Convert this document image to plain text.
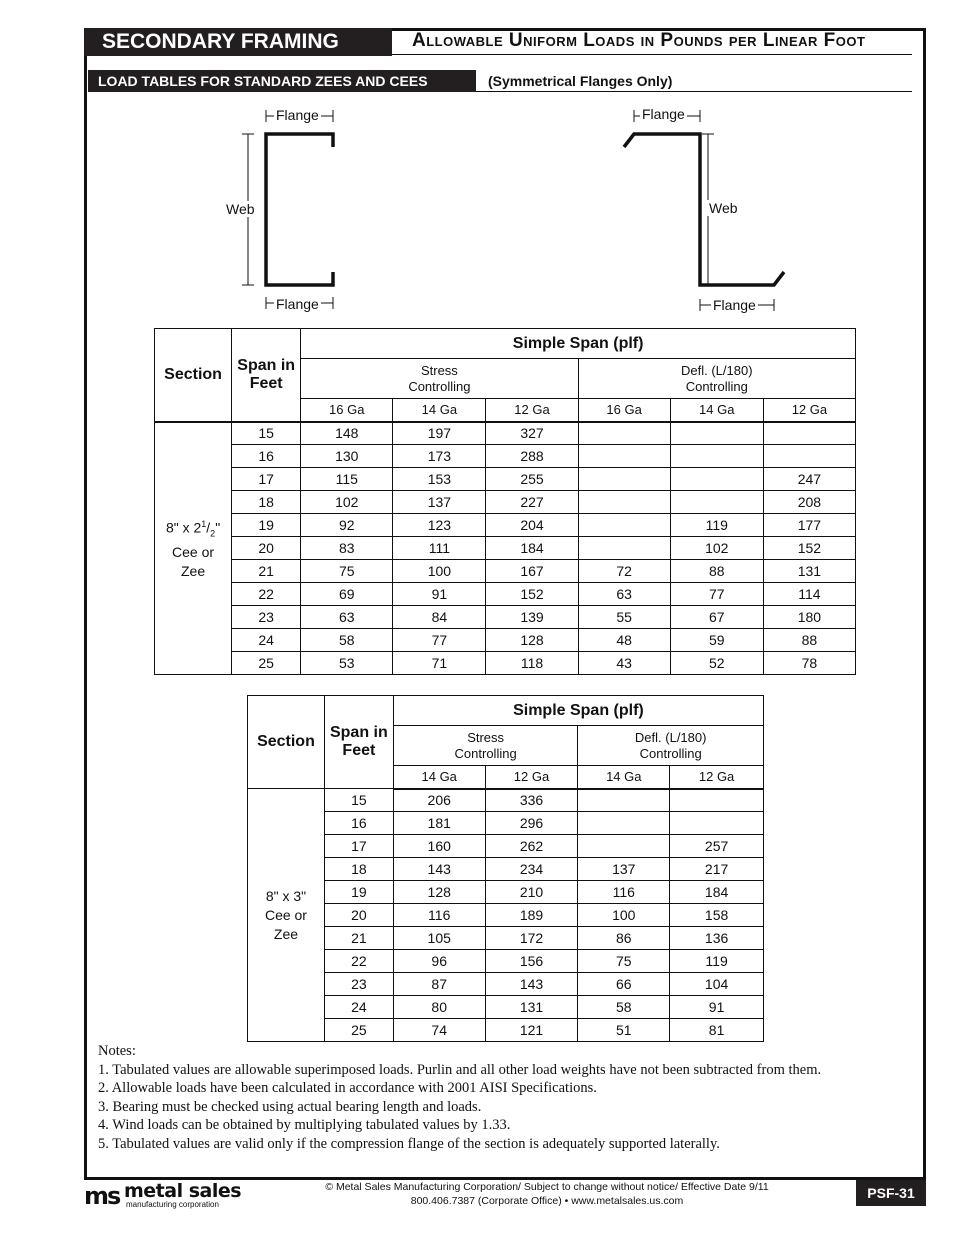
SECONDARY FRAMING	Allowable Uniform Loads in Pounds per Linear Foot
LOAD TABLES FOR STANDARD ZEES AND CEES	(Symmetrical Flanges Only)
Flange
Web
Flange
Flange
Web
Flange
Section	Span in
Feet	Simple Span (plf)					
		Stress
Controlling			Defl. (L/180)
Controlling		
		16 Ga	14 Ga	12 Ga	16 Ga	14 Ga	12 Ga
8" x $2^1/_2$"
Cee or
Zee	15	148	197	327			
	16	130	173	288			
	17	115	153	255			247
	18	102	137	227			208
	19	92	123	204		119	177
	20	83	111	184		102	152
	21	75	100	167	72	88	131
	22	69	91	152	63	77	114
	23	63	84	139	55	67	180
	24	58	77	128	48	59	88
	25	53	71	118	43	52	78
Section	Span in
Feet	Simple Span (plf)			
		Stress
Controlling		Defl. (L/180)
Controlling	
		14 Ga	12 Ga	14 Ga	12 Ga
8" x 3"
Cee or
Zee	15	206	336		
	16	181	296		
	17	160	262		257
	18	143	234	137	217
	19	128	210	116	184
	20	116	189	100	158
	21	105	172	86	136
	22	96	156	75	119
	23	87	143	66	104
	24	80	131	58	91
	25	74	121	51	81
Notes:
1. Tabulated values are allowable superimposed loads. Purlin and all other load weights have not been subtracted from them.
2. Allowable loads have been calculated in accordance with 2001 AISI Specifications.
3. Bearing must be checked using actual bearing length and loads.
4. Wind loads can be obtained by multiplying tabulated values by 1.33.
5. Tabulated values are valid only if the compression flange of the section is adequately supported laterally.
ms metal sales
manufacturing corporation
© Metal Sales Manufacturing Corporation/ Subject to change without notice/ Effective Date 9/11
800.406.7387 (Corporate Office) • www.metalsales.us.com	PSF-31
